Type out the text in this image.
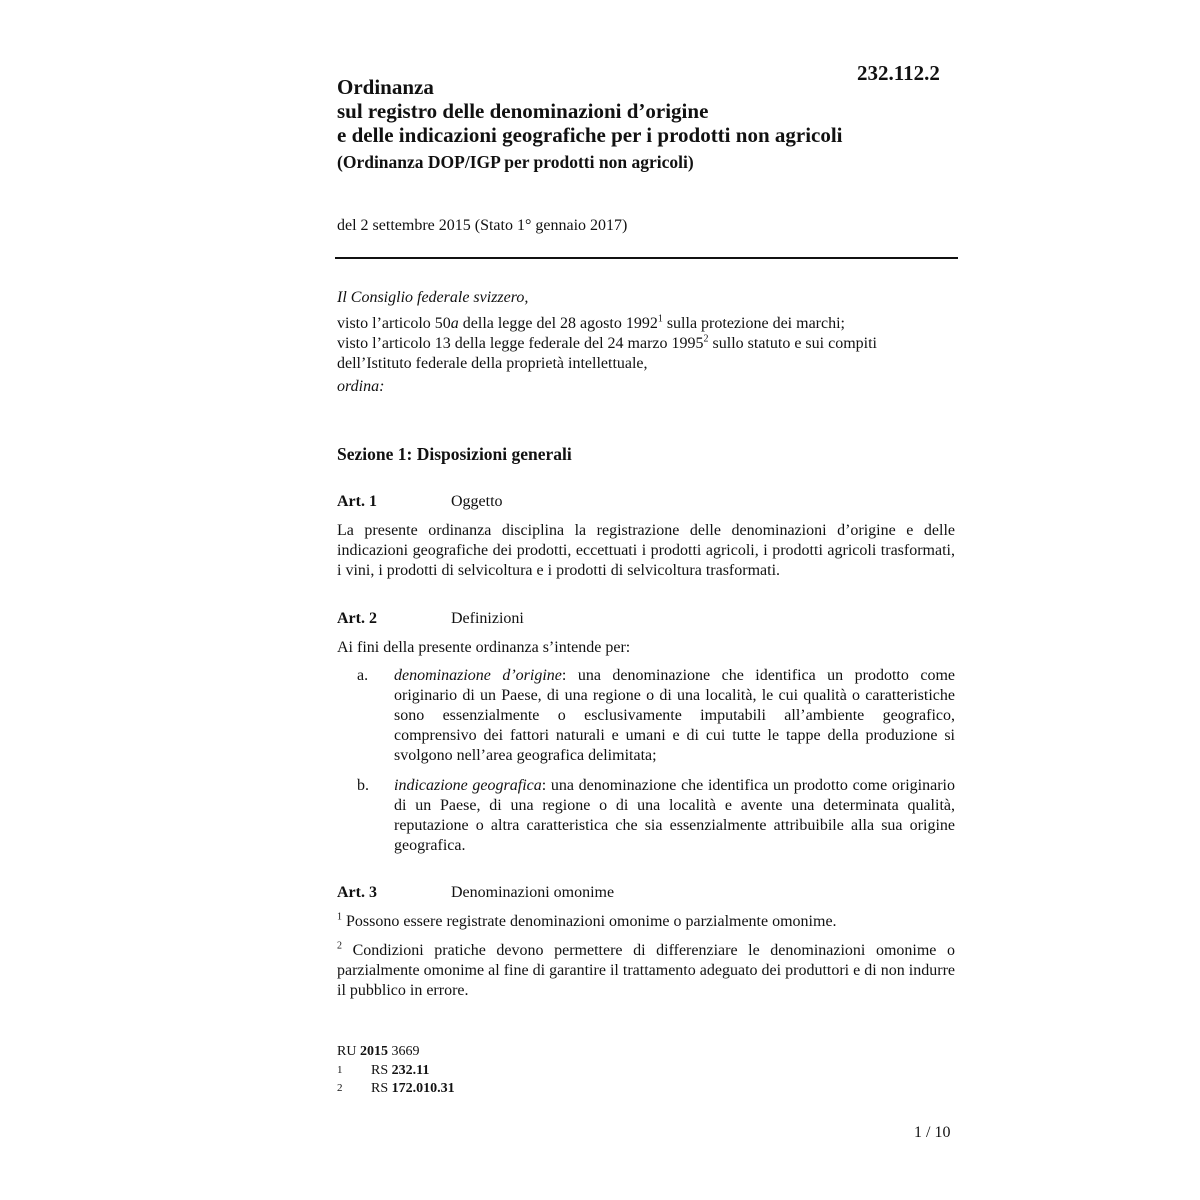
232.112.2
Ordinanza
sul registro delle denominazioni d’origine
e delle indicazioni geografiche per i prodotti non agricoli
(Ordinanza DOP/IGP per prodotti non agricoli)
del 2 settembre 2015 (Stato 1° gennaio 2017)
Il Consiglio federale svizzero,
visto l’articolo 50a della legge del 28 agosto 1992$^1$ sulla protezione dei marchi;
visto l’articolo 13 della legge federale del 24 marzo 1995$^2$ sullo statuto e sui compiti
dell’Istituto federale della proprietà intellettuale,
ordina:
Sezione 1: Disposizioni generali
Art. 1	Oggetto
La presente ordinanza disciplina la registrazione delle denominazioni d’origine e delle indicazioni geografiche dei prodotti, eccettuati i prodotti agricoli, i prodotti agricoli trasformati, i vini, i prodotti di selvicoltura e i prodotti di selvicoltura trasformati.
Art. 2	Definizioni
Ai fini della presente ordinanza s’intende per:
a. denominazione d’origine: una denominazione che identifica un prodotto come originario di un Paese, di una regione o di una località, le cui qualità o caratteristiche sono essenzialmente o esclusivamente imputabili all’ambiente geografico, comprensivo dei fattori naturali e umani e di cui tutte le tappe della produzione si svolgono nell’area geografica delimitata;
b. indicazione geografica: una denominazione che identifica un prodotto come originario di un Paese, di una regione o di una località e avente una determinata qualità, reputazione o altra caratteristica che sia essenzialmente attribuibile alla sua origine geografica.
Art. 3	Denominazioni omonime
$^1$ Possono essere registrate denominazioni omonime o parzialmente omonime.
$^2$ Condizioni pratiche devono permettere di differenziare le denominazioni omonime o parzialmente omonime al fine di garantire il trattamento adeguato dei produttori e di non indurre il pubblico in errore.
RU 2015 3669
1 RS 232.11
2 RS 172.010.31
1 / 10
